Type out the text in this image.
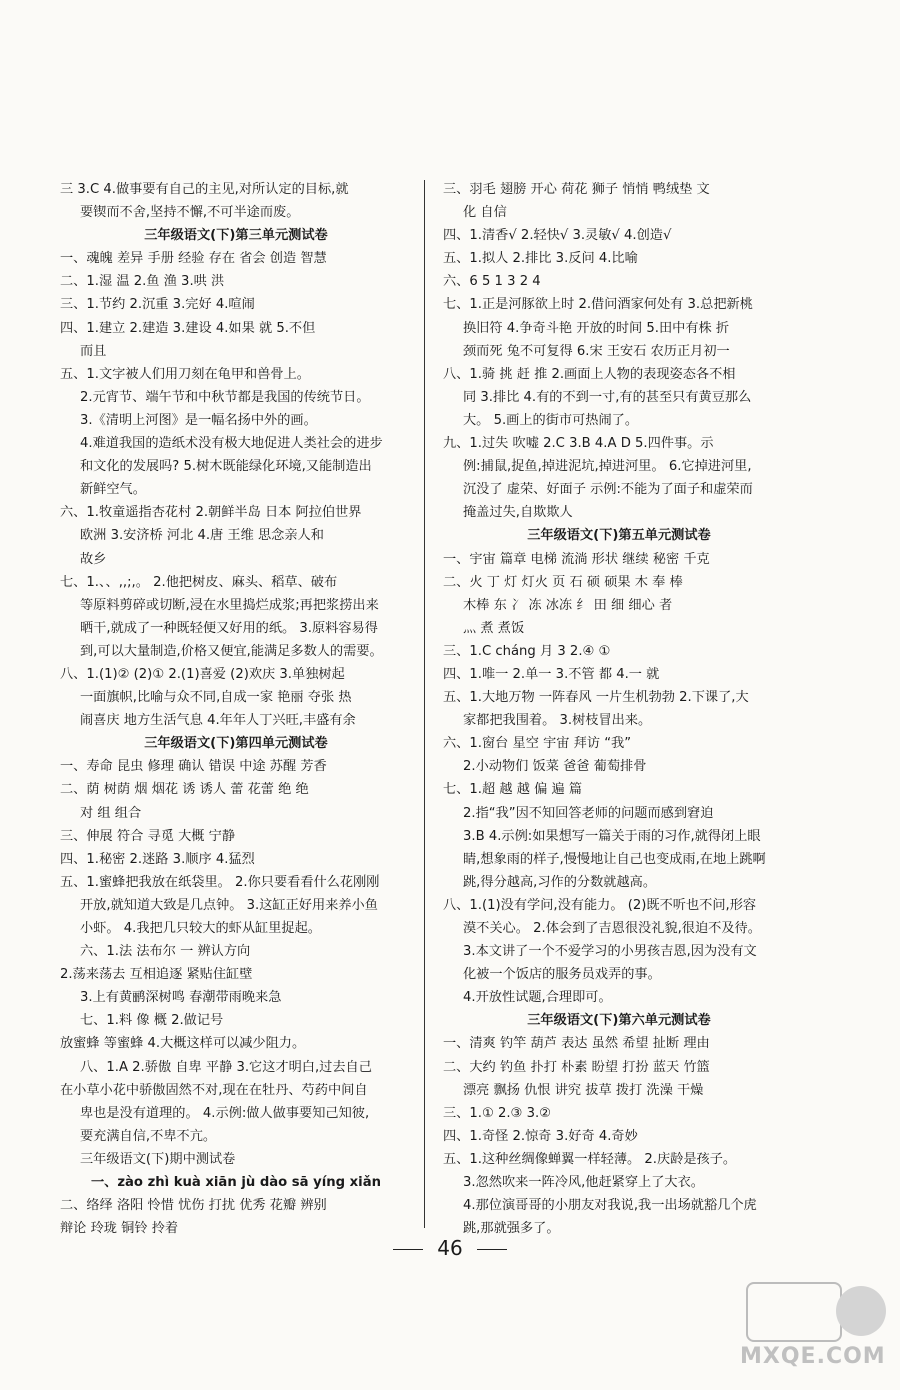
三 3.C 4.做事要有自己的主见,对所认定的目标,就
要锲而不舍,坚持不懈,不可半途而废。
三年级语文(下)第三单元测试卷
一、魂魄 差异 手册 经验 存在 省会 创造 智慧
二、1.湿 温 2.鱼 渔 3.哄 洪
三、1.节约 2.沉重 3.完好 4.喧闹
四、1.建立 2.建造 3.建设 4.如果 就 5.不但
而且
五、1.文字被人们用刀刻在龟甲和兽骨上。
2.元宵节、端午节和中秋节都是我国的传统节日。
3.《清明上河图》是一幅名扬中外的画。
4.难道我国的造纸术没有极大地促进人类社会的进步
和文化的发展吗? 5.树木既能绿化环境,又能制造出
新鲜空气。
六、1.牧童遥指杏花村 2.朝鲜半岛 日本 阿拉伯世界
欧洲 3.安济桥 河北 4.唐 王维 思念亲人和
故乡
七、1.、、,,;,。 2.他把树皮、麻头、稻草、破布
等原料剪碎或切断,浸在水里捣烂成浆;再把浆捞出来
晒干,就成了一种既轻便又好用的纸。 3.原料容易得
到,可以大量制造,价格又便宜,能满足多数人的需要。
八、1.(1)② (2)① 2.(1)喜爱 (2)欢庆 3.单独树起
一面旗帜,比喻与众不同,自成一家 艳丽 夺张 热
闹喜庆 地方生活气息 4.年年人丁兴旺,丰盛有余
三年级语文(下)第四单元测试卷
一、寿命 昆虫 修理 确认 错误 中途 苏醒 芳香
二、荫 树荫 烟 烟花 诱 诱人 蕾 花蕾 绝 绝
对 组 组合
三、伸展 符合 寻觅 大概 宁静
四、1.秘密 2.迷路 3.顺序 4.猛烈
五、1.蜜蜂把我放在纸袋里。 2.你只要看看什么花刚刚
开放,就知道大致是几点钟。 3.这缸正好用来养小鱼
小虾。 4.我把几只较大的虾从缸里捉起。
六、1.法 法布尔 一 辨认方向
2.荡来荡去 互相追逐 紧贴住缸壁
3.上有黄鹂深树鸣 春潮带雨晚来急
七、1.料 像 概 2.做记号
放蜜蜂 等蜜蜂 4.大概这样可以减少阻力。
八、1.A 2.骄傲 自卑 平静 3.它这才明白,过去自己
在小草小花中骄傲固然不对,现在在牡丹、芍药中间自
卑也是没有道理的。 4.示例:做人做事要知己知彼,
要充满自信,不卑不亢。
三年级语文(下)期中测试卷
一、zào zhì kuà xiān jù dào sā yíng xiǎn
二、络绎 洛阳 怜惜 忧伤 打扰 优秀 花瓣 辨别
辩论 玲珑 铜铃 拎着
三、羽毛 翅膀 开心 荷花 狮子 悄悄 鸭绒垫 文
化 自信
四、1.清香√ 2.轻快√ 3.灵敏√ 4.创造√
五、1.拟人 2.排比 3.反问 4.比喻
六、6 5 1 3 2 4
七、1.正是河豚欲上时 2.借问酒家何处有 3.总把新桃
换旧符 4.争奇斗艳 开放的时间 5.田中有株 折
颈而死 兔不可复得 6.宋 王安石 农历正月初一
八、1.骑 挑 赶 推 2.画面上人物的表现姿态各不相
同 3.排比 4.有的不到一寸,有的甚至只有黄豆那么
大。 5.画上的街市可热闹了。
九、1.过失 吹嘘 2.C 3.B 4.A D 5.四件事。示
例:捕鼠,捉鱼,掉进泥坑,掉进河里。 6.它掉进河里,
沉没了 虚荣、好面子 示例:不能为了面子和虚荣而
掩盖过失,自欺欺人
三年级语文(下)第五单元测试卷
一、宇宙 篇章 电梯 流淌 形状 继续 秘密 千克
二、火 丁 灯 灯火 页 石 硕 硕果 木 奉 棒
木棒 东 冫 冻 冰冻 纟 田 细 细心 者
灬 煮 煮饭
三、1.C cháng 月 3 2.④ ①
四、1.唯一 2.单一 3.不管 都 4.一 就
五、1.大地万物 一阵春风 一片生机勃勃 2.下课了,大
家都把我围着。 3.树枝冒出来。
六、1.窗台 星空 宇宙 拜访 “我”
2.小动物们 饭菜 爸爸 葡萄排骨
七、1.超 越 越 偏 遍 篇
2.指“我”因不知回答老师的问题而感到窘迫
3.B 4.示例:如果想写一篇关于雨的习作,就得闭上眼
睛,想象雨的样子,慢慢地让自己也变成雨,在地上跳啊
跳,得分越高,习作的分数就越高。
八、1.(1)没有学问,没有能力。 (2)既不听也不问,形容
漠不关心。 2.体会到了吉恩很没礼貌,很迫不及待。
3.本文讲了一个不爱学习的小男孩吉恩,因为没有文
化被一个饭店的服务员戏弄的事。
4.开放性试题,合理即可。
三年级语文(下)第六单元测试卷
一、清爽 钓竿 葫芦 表达 虽然 希望 扯断 理由
二、大约 钓鱼 扑打 朴素 盼望 打扮 蓝天 竹篮
漂亮 飘扬 仇恨 讲究 拔草 拨打 洗澡 干燥
三、1.① 2.③ 3.②
四、1.奇怪 2.惊奇 3.好奇 4.奇妙
五、1.这种丝绸像蝉翼一样轻薄。 2.庆龄是孩子。
3.忽然吹来一阵冷风,他赶紧穿上了大衣。
4.那位演哥哥的小朋友对我说,我一出场就豁几个虎
跳,那就强多了。
46
MXQE.COM
